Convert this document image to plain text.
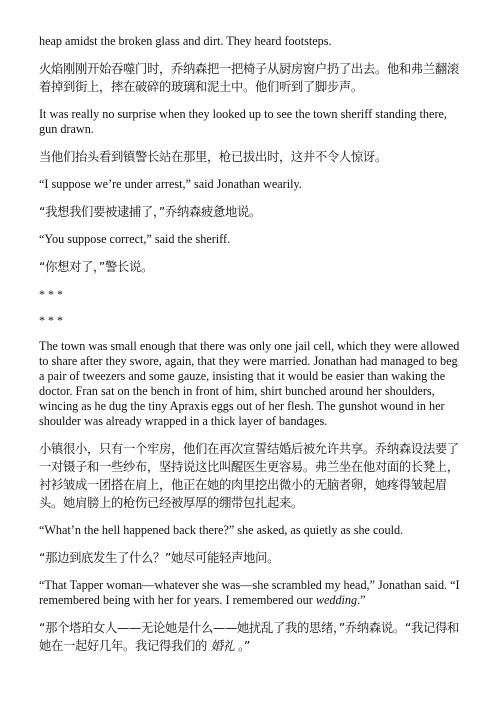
heap amidst the broken glass and dirt. They heard footsteps.

火焰刚刚开始吞噬门时，乔纳森把一把椅子从厨房窗户扔了出去。他和弗兰翻滚着掉到街上，摔在破碎的玻璃和泥土中。他们听到了脚步声。

It was really no surprise when they looked up to see the town sheriff standing there, gun drawn.

当他们抬头看到镇警长站在那里，枪已拔出时，这并不令人惊讶。

“I suppose we’re under arrest,” said Jonathan wearily.

“我想我们要被逮捕了，”乔纳森疲惫地说。

“You suppose correct,” said the sheriff.

“你想对了，”警长说。

* * *

* * *

The town was small enough that there was only one jail cell, which they were allowed to share after they swore, again, that they were married. Jonathan had managed to beg a pair of tweezers and some gauze, insisting that it would be easier than waking the doctor. Fran sat on the bench in front of him, shirt bunched around her shoulders, wincing as he dug the tiny Apraxis eggs out of her flesh. The gunshot wound in her shoulder was already wrapped in a thick layer of bandages.

小镇很小，只有一个牢房，他们在再次宣誓结婚后被允许共享。乔纳森设法要了一对镊子和一些纱布，坚持说这比叫醒医生更容易。弗兰坐在他对面的长凳上，衬衫皱成一团搭在肩上，他正在她的肉里挖出微小的无脑者卵，她疼得皱起眉头。她肩膀上的枪伤已经被厚厚的绷带包扎起来。

“What’n the hell happened back there?” she asked, as quietly as she could.

“那边到底发生了什么？”她尽可能轻声地问。

“That Tapper woman—whatever she was—she scrambled my head,” Jonathan said. “I remembered being with her for years. I remembered our wedding.”

“那个塔珀女人——无论她是什么——她扰乱了我的思绪，”乔纳森说。“我记得和她在一起好几年。我记得我们的 婚礼 。”
